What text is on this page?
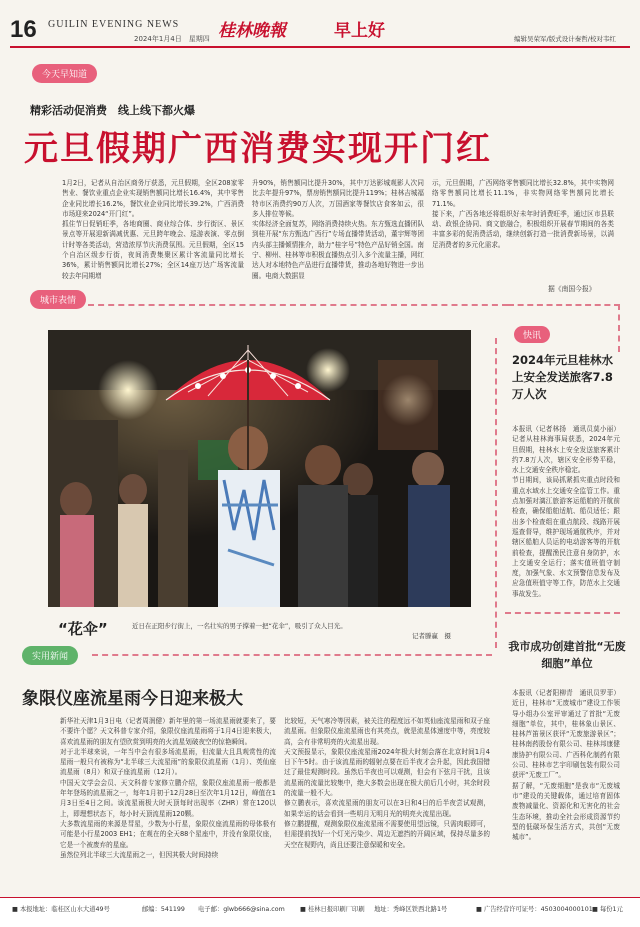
16 GUILIN EVENING NEWS
2024年1月4日　星期四 桂林晚報	早上好	编辑吴荣军/版式设计秦哲/校对韦红
今天早知道
精彩活动促消费　线上线下都火爆
元旦假期广西消费实现开门红
1月2日，记者从自治区商务厅获悉，元旦假期，全区208家零售业、餐饮业重点企业实现销售额同比增长16.4%，其中零售企业同比增长16.2%，餐饮业企业同比增长39.2%，广西消费市场迎来2024“开门红”。
抓住节日促销旺季，各地商圈、商业综合体、步行街区、景区景点等开展迎新满减优惠、元旦跨年晚会、巡游表演、零点倒计时等各类活动，营造浓厚节庆消费氛围。元旦假期，全区15个自治区级步行街，夜间消费集聚区累计客流量同比增长36%，累计销售额同比增长27%；全区14座万达广场客流量较去年同期增
升90%，销售额同比提升30%，其中万达影城观影人次同比去年提升97%，票房销售额同比提升119%；桂林吉城福特市区消费约90万人次，万国酒家等餐饮店食客如云，很多人排位等候。
实体经济全面复苏，网络消费持续火热。东方甄选直播团队到桂开展“东方甄选广西行”专场直播带货活动，董宇辉等团内头部主播倾情推介，助力“桂字号”特色产品好销全国。南宁、柳州、桂林等市积极直播热点引入多个流量主播，网红达人对本地特色产品进行直播带货，推动各地好物进一步出圈。电商大数据显
示，元旦假期，广西网络零售额同比增长32.8%，其中实物网络零售额同比增长11.1%，非实物网络零售额同比增长71.1%。
接下来，广西各地还将组织好未年时消费旺季，通过区市县联动、政银企协同、商文旅融合，积极组织开展春节期间的各类丰富多彩的促消费活动，继续创新打造一批消费新场景，以满足消费者的多元化需求。
据《南国今报》
城市表情
“花伞”	近日在正阳步行街上，一名壮实的男子撑着一把“花伞”，吸引了众人目光。
记者滕赢　摄
快讯
2024年元旦桂林水上安全发送旅客7.8万人次
本报讯（记者林扬　通讯员莫小丽）记者从桂林海事局获悉，2024年元旦假期，桂林水上安全发送旅客累计约7.8万人次，辖区安全形势平稳，水上交通安全秩序稳定。
节日期间，该局抓紧抓实重点时段和重点水域水上交通安全监管工作。重点加强对漓江旅游客运船舶的开航前检查，确保船舶适航、船员适任；跟出多个检查组在重点航段、线路开展巡查督导，维护现场通航秩序，并对辖区船舶人员运的电动游客等的开航前检查，提醒渔民注意自身防护，水上交通安全运行；落实值班值守制度，加强气象、水文预警信息发布及应急值班值守等工作，防范水上交通事故发生。
我市成功创建首批“无废细胞”单位
本报讯（记者阳柳青　通讯员罗菲）近日，桂林市“无废城市”建设工作领导小组办公室评审通过了首批“无废细胞”单位，其中，桂林象山景区、桂林芦笛景区获评“无废旅游景区”；桂林南药股份有限公司、桂林邦康健康协护有限公司、广西科化制药有限公司、桂林市艺宇印刷包装有限公司获评“无废工厂”。
据了解，“无废细胞”是我市“无废城市”建设的关键载体，通过培育固体废物减量化、资源化和无害化的社会生态环境，推动全社会形成资源节约型的低碳环保生活方式，共创“无废城市”。
实用新闻
象限仪座流星雨今日迎来极大
新华社天津1月3日电（记者周润健）新年里的第一场流星雨就要来了，要不要许个愿？天文科普专家介绍，象限仪座流星雨将于1月4日迎来极大，喜欢流星雨的朋友有望欣赏到明亮的火流星划破夜空的惊艳瞬间。
对于北半球来说，一年当中会有很多场流星雨，但流量大且具观赏性的流星雨一般只有被称为“北半球三大流星雨”的象限仪流星雨（1月）、英仙座流星雨（8月）和双子座流星雨（12月）。
中国天文学会会员、天文科普专家修立鹏介绍，象限仪座流星雨一般都是年年登场的流星雨之一，每年1月初于12月28日至次年1月12日，峰值在1月3日至4日之间。该流星雨极大时天顶每时出现率（ZHR）常在120以上，即理想状态下，每小时天顶流星雨120颗。
大多数流星雨的来源是彗星，少数为小行星，象限仪座流星雨的母体极有可能是小行星2003 EH1；在观在的全天88个星座中，并没有象限仪座，它是一个被废弃的星座。
虽然位列北半球三大流星雨之一，但因其极大时间持续
比较短，天气寒冷等因素，被关注的程度远不如英仙座流星雨和双子座流星雨。但象限仪座流星雨也有其亮点，就是流星体速度中等，亮度较高，会有非常明亮的火流星出现。
天文预报显示，象限仪座流星雨2024年极大时刻会落在北京时间1月4日下午5时。由于该流星雨的辐射点要在后半夜才会升起，因此我国错过了最佳观测时段。虽然后半夜也可以观测，但会有下弦月干扰，且该流星雨的流量比较集中，绝大多数会出现在极大前后几小时，其余时段的流量一般不大。
修立鹏表示，喜欢流星雨的朋友可以在3日和4日的后半夜尝试观测，如果幸运的话会看到一些明月无明月光的明亮火流星出现。
修立鹏提醒，观测象限仪座流星雨不需要使用望远镜，只需肉眼即可，但需提前找好一个灯光污染少、周边无遮挡的开阔区域，保持尽量多的天空在视野内，尚且还要注意保暖和安全。
■ 本报地址：临桂区山水大道49号	邮编：541199 电子邮：glwb666@sina.com ■ 桂林日报印刷厂印刷 地址：秀峰区铁西北路1号	■ 广告经营许可证号：4503004000101 ■ 每份1元
